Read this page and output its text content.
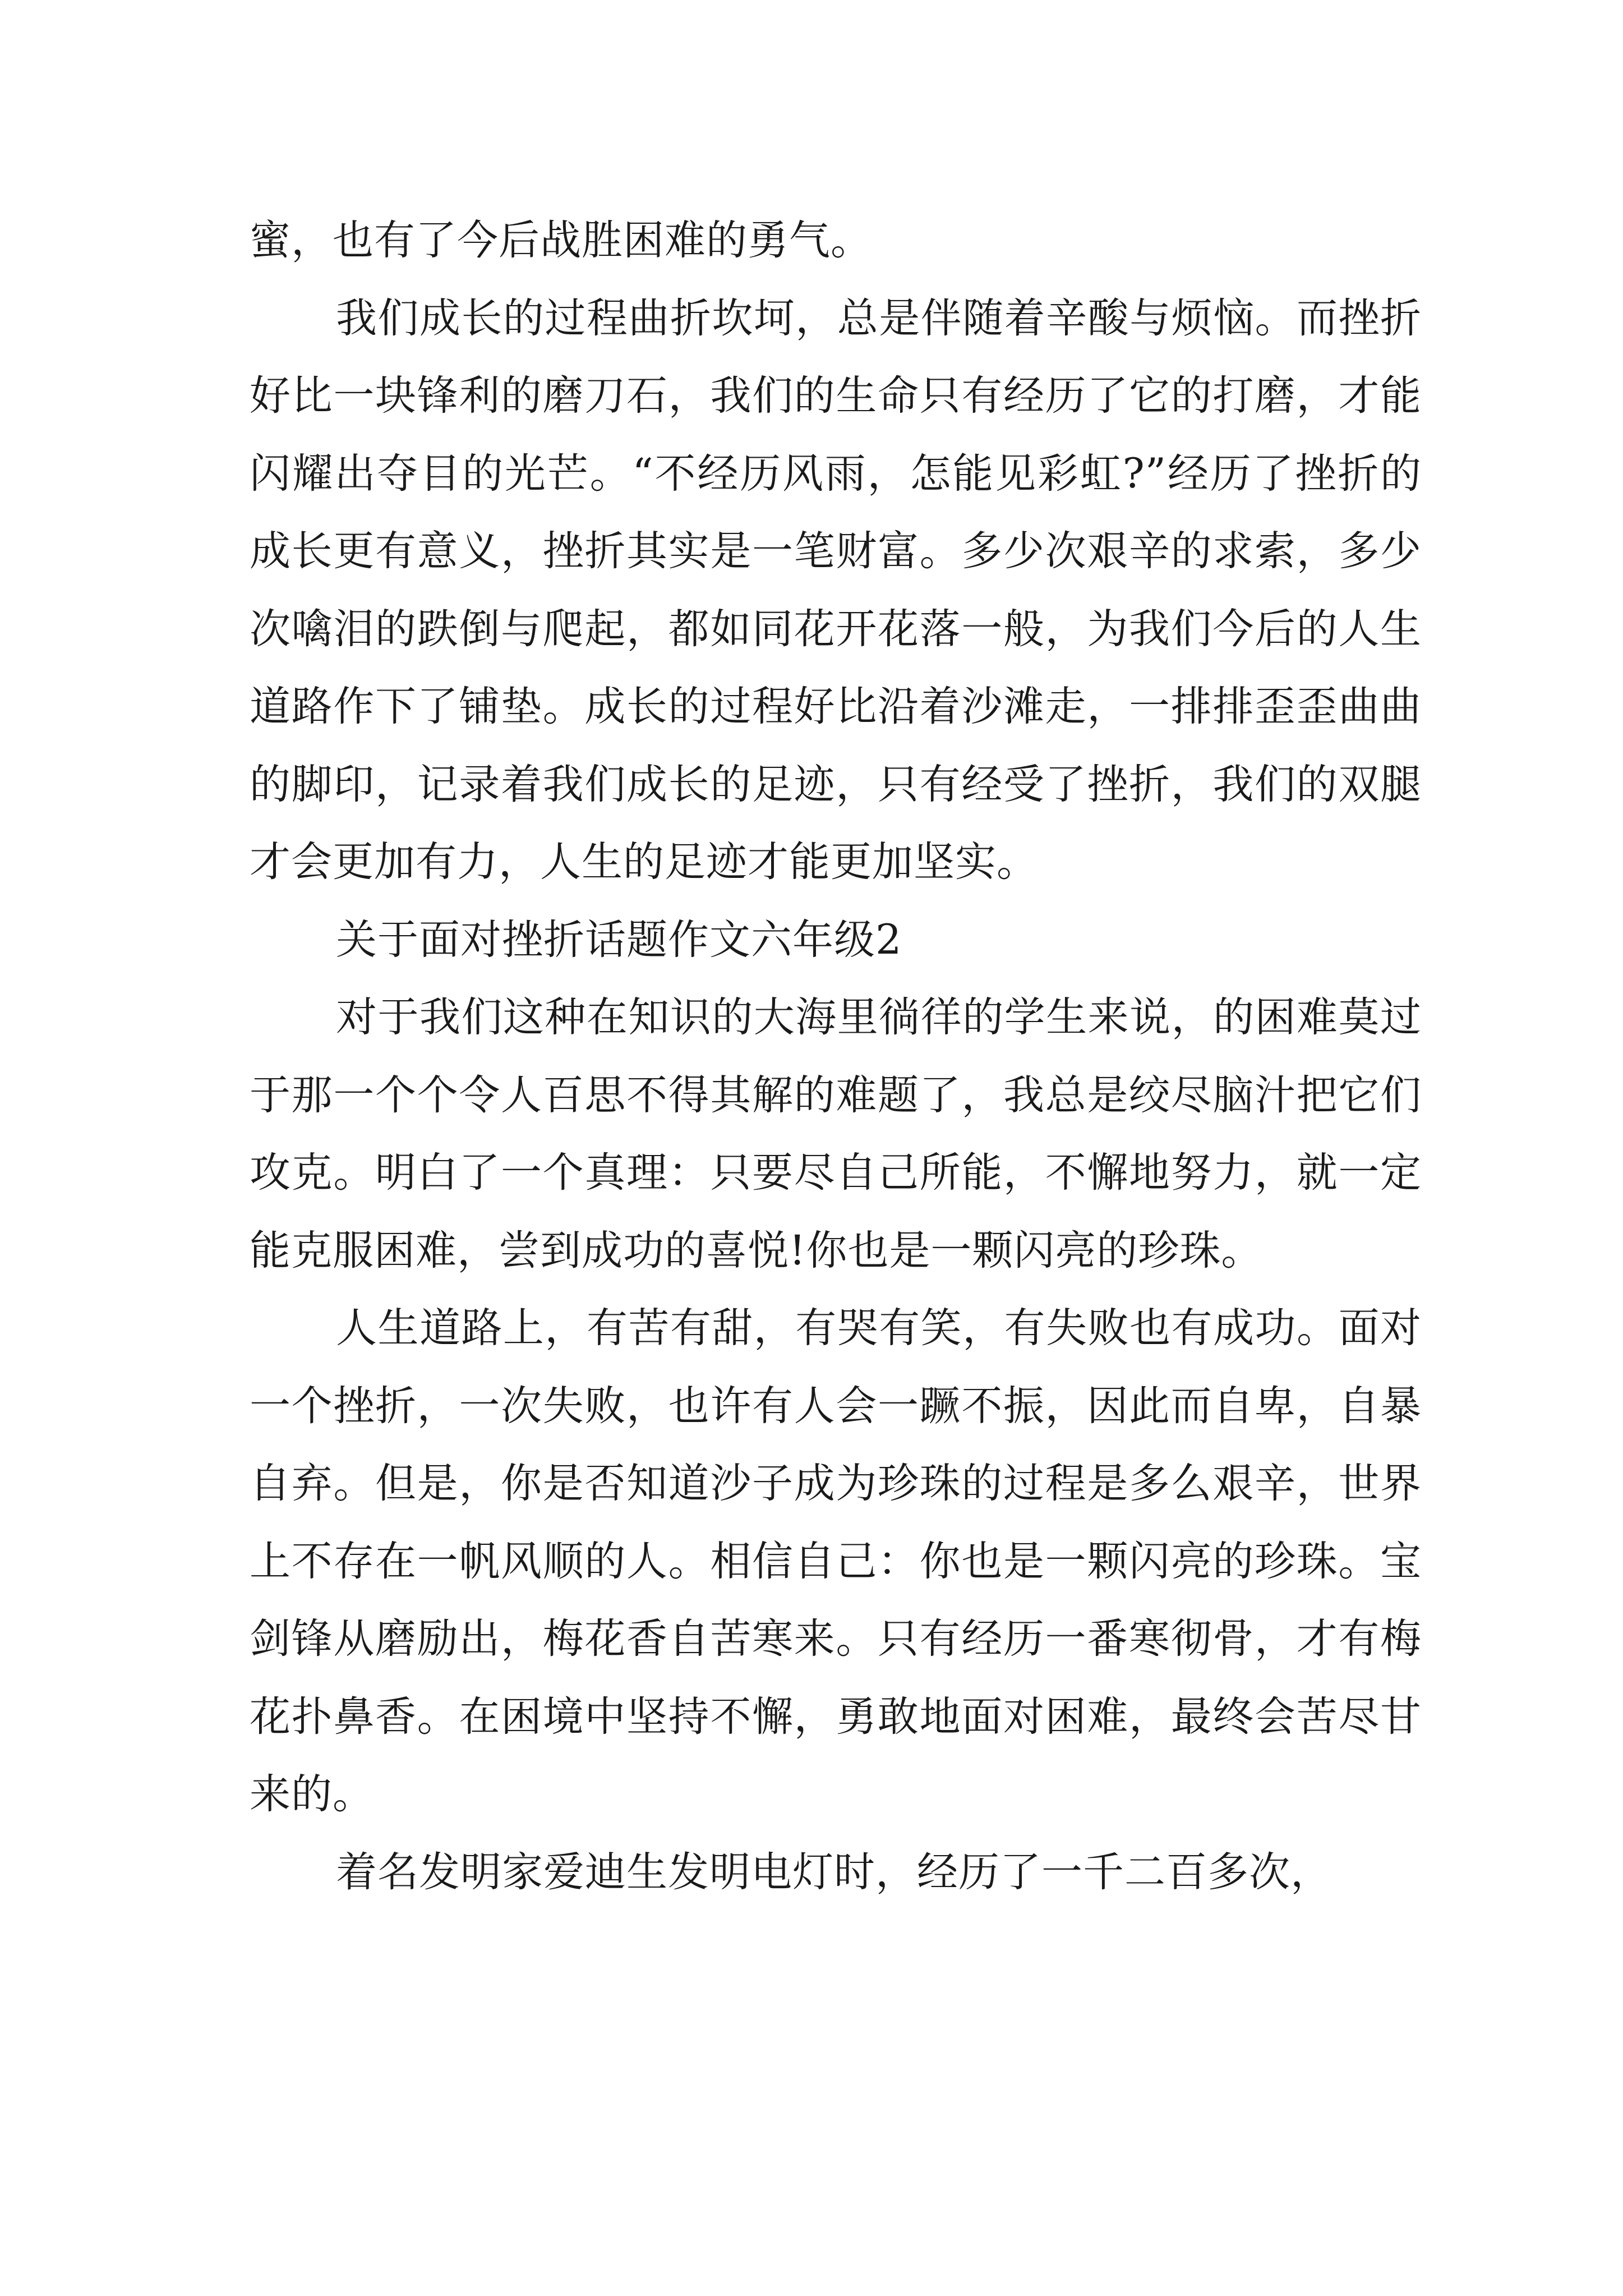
蜜，也有了今后战胜困难的勇气。

我们成长的过程曲折坎坷，总是伴随着辛酸与烦恼。而挫折好比一块锋利的磨刀石，我们的生命只有经历了它的打磨，才能闪耀出夺目的光芒。“不经历风雨，怎能见彩虹?”经历了挫折的成长更有意义，挫折其实是一笔财富。多少次艰辛的求索，多少次噙泪的跌倒与爬起，都如同花开花落一般，为我们今后的人生道路作下了铺垫。成长的过程好比沿着沙滩走，一排排歪歪曲曲的脚印，记录着我们成长的足迹，只有经受了挫折，我们的双腿才会更加有力，人生的足迹才能更加坚实。

关于面对挫折话题作文六年级2

对于我们这种在知识的大海里徜徉的学生来说，的困难莫过于那一个个令人百思不得其解的难题了，我总是绞尽脑汁把它们攻克。明白了一个真理：只要尽自己所能，不懈地努力，就一定能克服困难，尝到成功的喜悦!你也是一颗闪亮的珍珠。

人生道路上，有苦有甜，有哭有笑，有失败也有成功。面对一个挫折，一次失败，也许有人会一蹶不振，因此而自卑，自暴自弃。但是，你是否知道沙子成为珍珠的过程是多么艰辛，世界上不存在一帆风顺的人。相信自己：你也是一颗闪亮的珍珠。宝剑锋从磨励出，梅花香自苦寒来。只有经历一番寒彻骨，才有梅花扑鼻香。在困境中坚持不懈，勇敢地面对困难，最终会苦尽甘来的。

着名发明家爱迪生发明电灯时，经历了一千二百多次，
